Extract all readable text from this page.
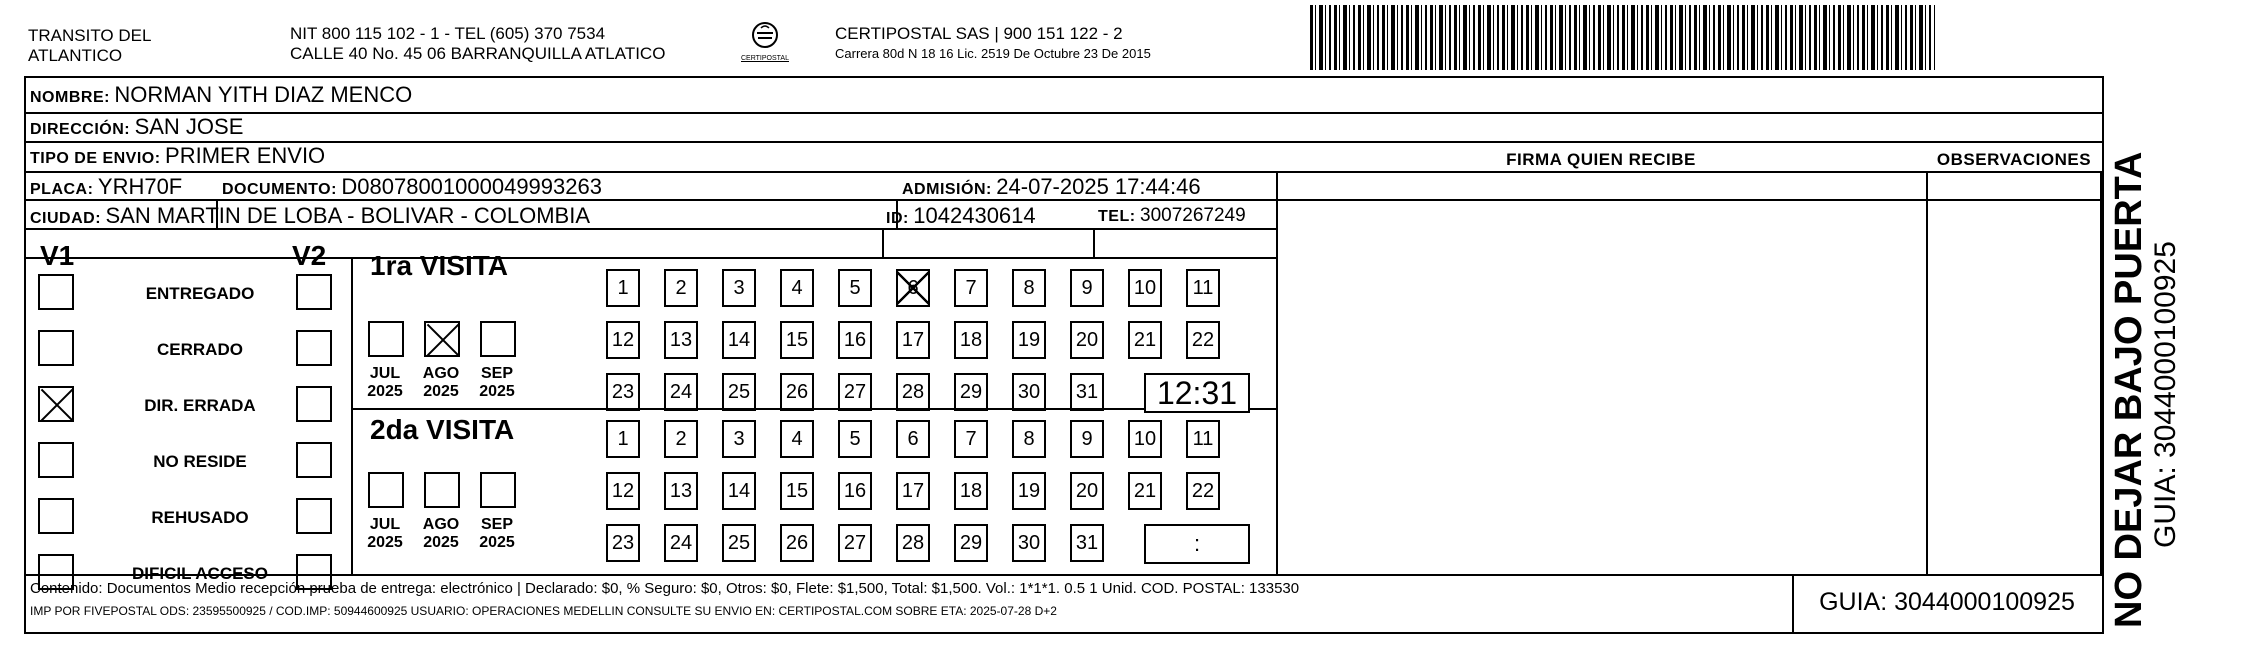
TRANSITO DEL
ATLANTICO
NIT 800 115 102 - 1 - TEL (605) 370 7534
CALLE 40 No. 45 06 BARRANQUILLA ATLATICO	CERTIPOSTAL
CERTIPOSTAL SAS | 900 151 122 - 2
Carrera 80d N 18 16 Lic. 2519 De Octubre 23 De 2015
NOMBRE: NORMAN YITH DIAZ MENCO
DIRECCIÓN: SAN JOSE
TIPO DE ENVIO: PRIMER ENVIO	FIRMA QUIEN RECIBE	OBSERVACIONES
PLACA: YRH70F DOCUMENTO: D08078001000049993263	ADMISIÓN: 24-07-2025 17:44:46
CIUDAD: SAN MARTIN DE LOBA - BOLIVAR - COLOMBIA	ID: 1042430614	TEL: 3007267249
V1	V2
ENTREGADO
CERRADO
DIR. ERRADA
NO RESIDE
REHUSADO
DIFICIL ACCESO
1ra VISITA
2da VISITA
JUL
2025
AGO
2025
SEP
2025
1	2	3	4	5	6	7	8	9	10	11
12 13 14 15 16 17 18 19 20 21 22
23 24 25 26 27 28 29 30 31	12:31
JUL
2025
AGO
2025
SEP
2025
1	2	3	4	5	6	7	8	9	10	11
12 13 14 15 16 17 18 19 20 21 22
23 24 25 26 27 28 29 30 31	:
Contenido: Documentos Medio recepción prueba de entrega: electrónico | Declarado: $0, % Seguro: $0, Otros: $0, Flete: $1,500, Total: $1,500. Vol.: 1*1*1. 0.5 1 Unid. COD. POSTAL: 133530
IMP POR FIVEPOSTAL ODS: 23595500925 / COD.IMP: 50944600925 USUARIO: OPERACIONES MEDELLIN CONSULTE SU ENVIO EN: CERTIPOSTAL.COM SOBRE ETA: 2025-07-28 D+2	GUIA: 3044000100925 NO DEJAR BAJO PUERTA GUIA: 3044000100925
